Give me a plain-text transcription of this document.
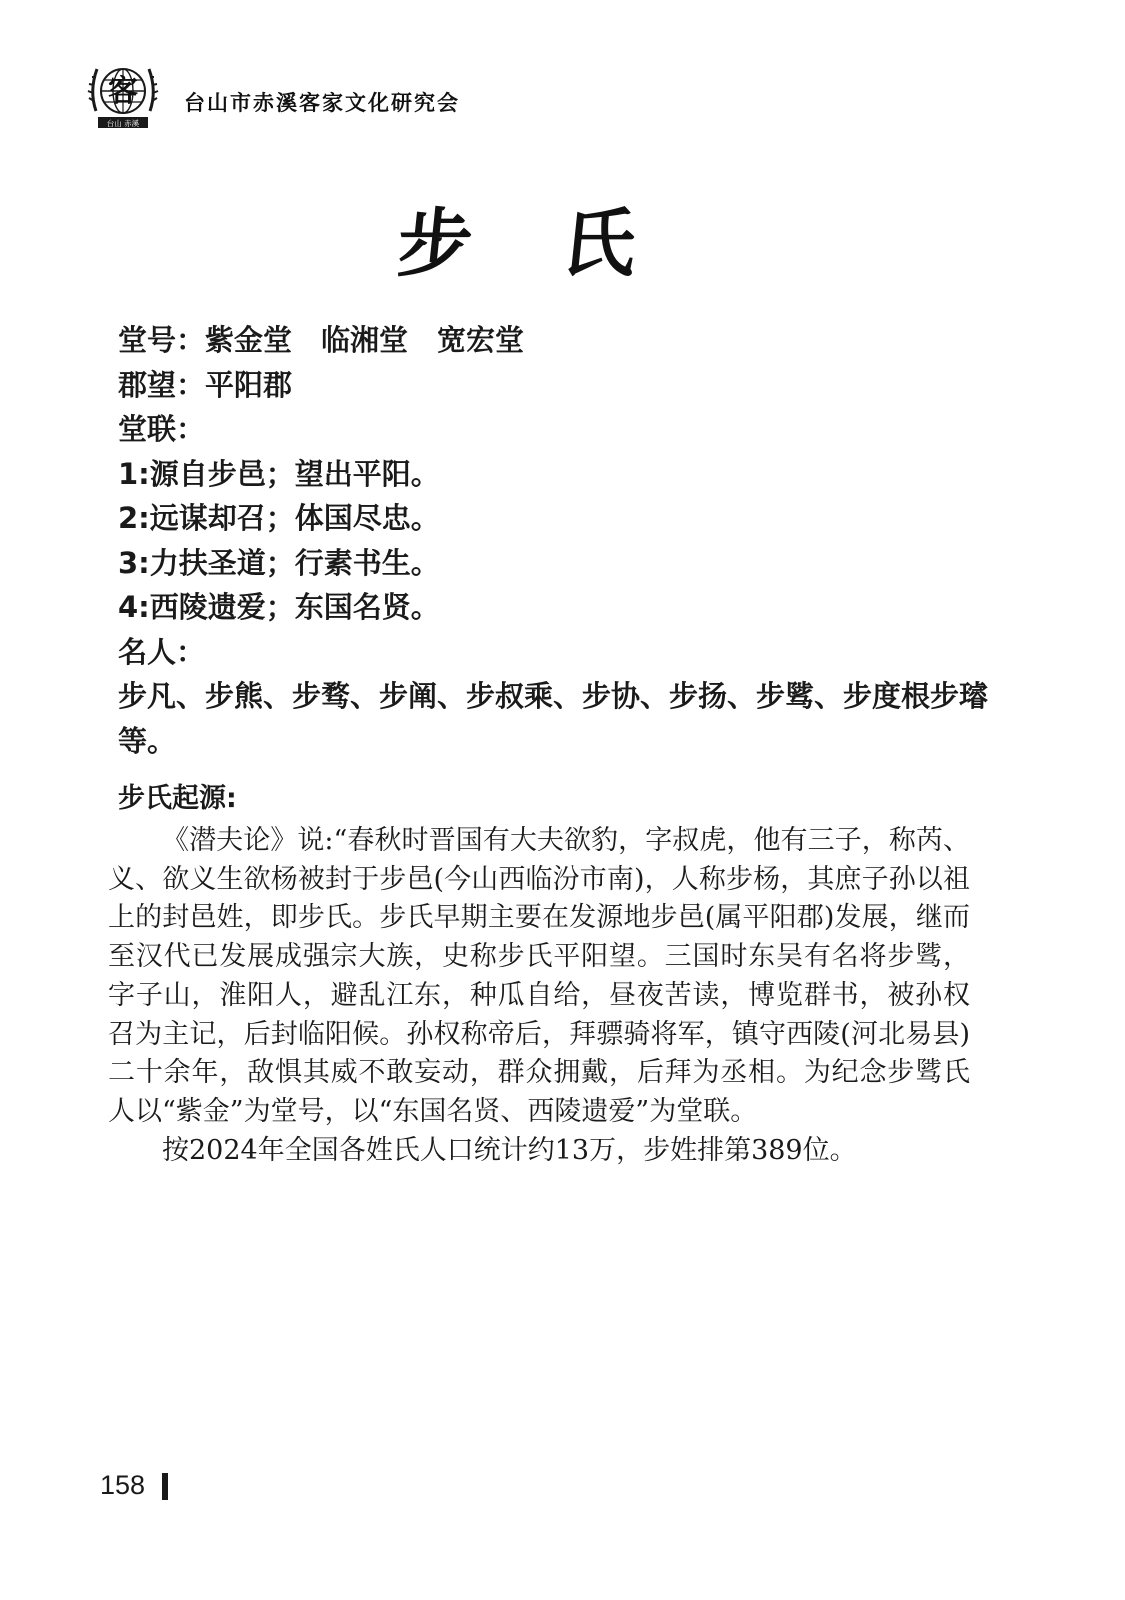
客
台山 赤溪
台山市赤溪客家文化研究会
步氏
堂号：紫金堂　临湘堂　宽宏堂
郡望：平阳郡
堂联：
1:源自步邑；望出平阳。
2:远谋却召；体国尽忠。
3:力扶圣道；行素书生。
4:西陵遗爱；东国名贤。
名人：
步凡、步熊、步骛、步阐、步叔乘、步协、步扬、步骘、步度根步璿等。
步氏起源:

《潜夫论》说:“春秋时晋国有大夫欲豹，字叔虎，他有三子，称芮、义、欲义生欲杨被封于步邑(今山西临汾市南)，人称步杨，其庶子孙以祖上的封邑姓，即步氏。步氏早期主要在发源地步邑(属平阳郡)发展，继而至汉代已发展成强宗大族，史称步氏平阳望。三国时东吴有名将步骘，字子山，淮阳人，避乱江东，种瓜自给，昼夜苦读，博览群书，被孙权召为主记，后封临阳候。孙权称帝后，拜骠骑将军，镇守西陵(河北易县)二十余年，敌惧其威不敢妄动，群众拥戴，后拜为丞相。为纪念步骘氏人以“紫金”为堂号，以“东国名贤、西陵遗爱”为堂联。

按2024年全国各姓氏人口统计约13万，步姓排第389位。

158
